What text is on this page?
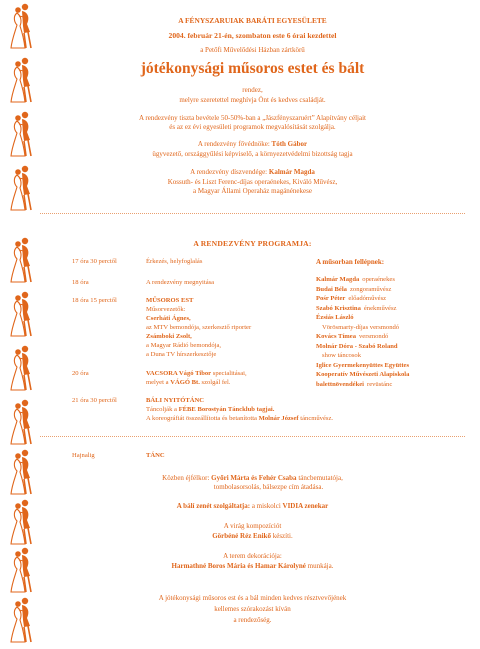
A FÉNYSZARUIAK BARÁTI EGYESÜLETE
2004. február 21-én, szombaton este 6 órai kezdettel
a Petőfi Művelődési Házban zártkörű
jótékonysági műsoros estet és bált
rendez,
melyre szeretettel meghívja Önt és kedves családját.
A rendezvény tiszta bevétele 50-50%-ban a „Jászfényszaruért” Alapítvány céljait
és az ez évi egyesületi programok megvalósítását szolgálja.
A rendezvény fővédnöke: Tóth Gábor
ügyvezető, országgyűlési képviselő, a környezetvédelmi bizottság tagja
A rendezvény díszvendége: Kalmár Magda
Kossuth- és Liszt Ferenc-díjas operaénekes, Kiváló Művész,
a Magyar Állami Operaház magánénekese
A RENDEZVÉNY PROGRAMJA:
17 óra 30 perctől	Érkezés, helyfoglalás
18 óra	A rendezvény megnyitása
18 óra 15 perctől	MŰSOROS EST
Műsorvezetők:
Cserháti Ágnes,
az MTV bemondója, szerkesztő riporter
Zsámboki Zsolt,
a Magyar Rádió bemondója,
a Duna TV hírszerkesztője
20 óra	VACSORA Vágó Tibor specialitásai,
melyet a VÁGÓ Bt. szolgál fel.
21 óra 30 perctől	BÁLI NYITÓTÁNC
Táncolják a FÉBE Borostyán Táncklub tagjai.
A koreográfiát összeállította és betanította Molnár József táncművész.
A műsorban fellépnek:
Kalmár Magda operaénekes
Budai Béla zongoraművész
Pośr Péter előadóművész
Szabó Krisztina énekművész
Ézsiás László
Vörösmarty-díjas versmondó
Kovács Tímea versmondó
Molnár Dóra - Szabó Roland
show táncosok
Iglice Gyermekenyüttes Együttes
Kooperatív Művészeti Alapiskola
balettnövendékei revüstánc
Hajnalig	TÁNC
Közben éjfélkor: Győri Márta és Fehér Csaba táncbemutatója,
tombolasorsolás, bálsezpe cím átadása.
A bálí zenét szolgáltatja: a miskolci VIDIA zenekar
A virág kompozíciót
Görbéné Réz Enikő készíti.
A terem dekorációja:
Harmathné Boros Mária és Hamar Károlyné munkája.
A jótékonysági műsoros est és a bál minden kedves résztvevőjének
kellemes szórakozást kíván
a rendezőség.
